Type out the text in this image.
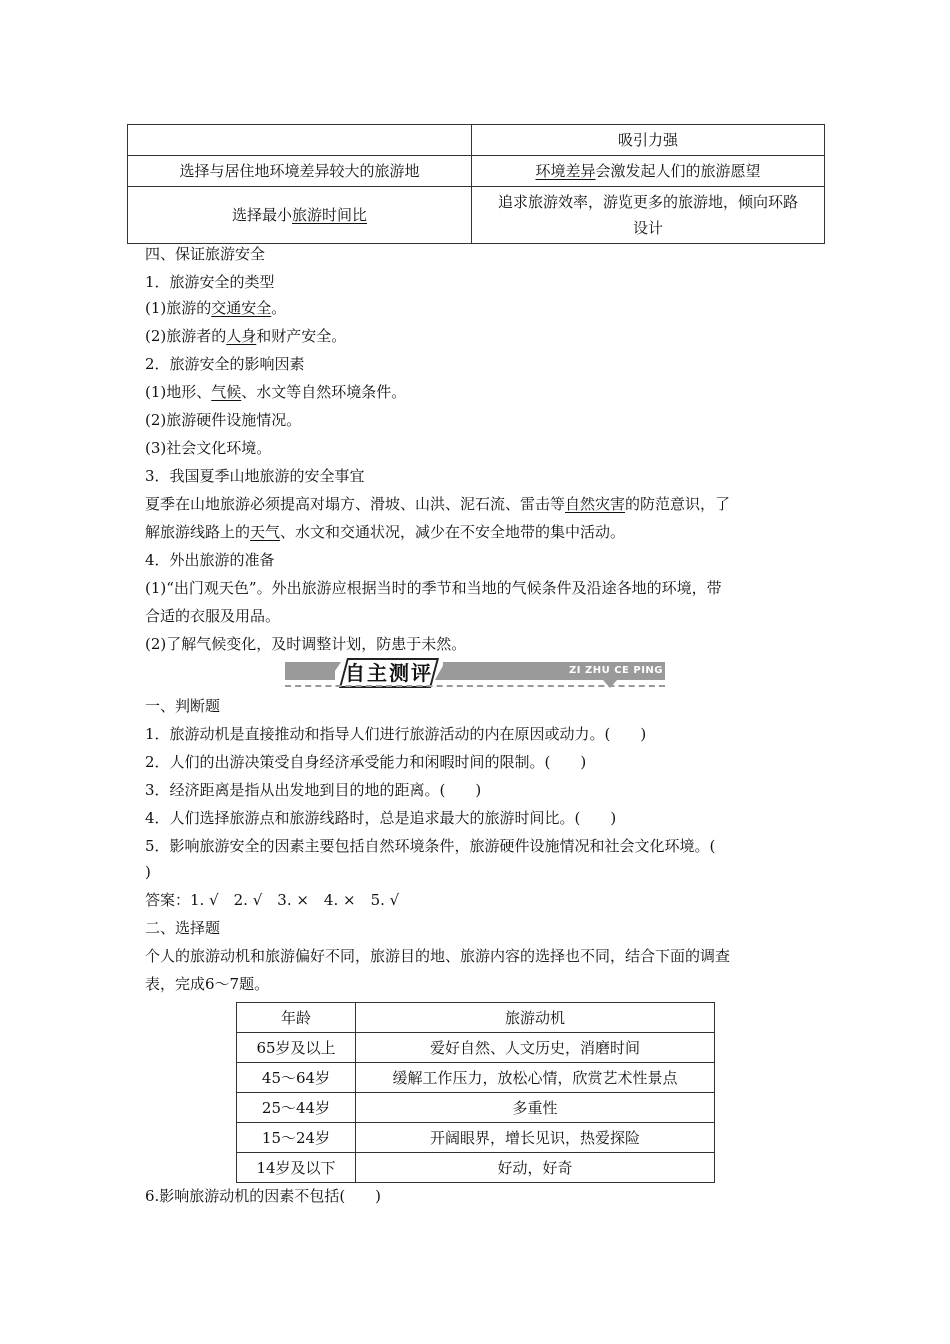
	吸引力强
选择与居住地环境差异较大的旅游地	环境差异会激发起人们的旅游愿望
选择最小旅游时间比	追求旅游效率，游览更多的旅游地，倾向环路
设计
四、保证旅游安全
1．旅游安全的类型
(1)旅游的交通安全。
(2)旅游者的人身和财产安全。
2．旅游安全的影响因素
(1)地形、气候、水文等自然环境条件。
(2)旅游硬件设施情况。
(3)社会文化环境。
3．我国夏季山地旅游的安全事宜
夏季在山地旅游必须提高对塌方、滑坡、山洪、泥石流、雷击等自然灾害的防范意识，了
解旅游线路上的天气、水文和交通状况，减少在不安全地带的集中活动。
4．外出旅游的准备
(1)“出门观天色”。外出旅游应根据当时的季节和当地的气候条件及沿途各地的环境，带
合适的衣服及用品。
(2)了解气候变化，及时调整计划，防患于未然。
自主测评	ZI ZHU CE PING
一、判断题
1．旅游动机是直接推动和指导人们进行旅游活动的内在原因或动力。(　　)
2．人们的出游决策受自身经济承受能力和闲暇时间的限制。(　　)
3．经济距离是指从出发地到目的地的距离。(　　)
4．人们选择旅游点和旅游线路时，总是追求最大的旅游时间比。(　　)
5．影响旅游安全的因素主要包括自然环境条件，旅游硬件设施情况和社会文化环境。(
)
答案：1. √　2. √　3. ×　4. ×　5. √
二、选择题
个人的旅游动机和旅游偏好不同，旅游目的地、旅游内容的选择也不同，结合下面的调查
表，完成6～7题。
年龄	旅游动机
65岁及以上	爱好自然、人文历史，消磨时间
45～64岁	缓解工作压力，放松心情，欣赏艺术性景点
25～44岁	多重性
15～24岁	开阔眼界，增长见识，热爱探险
14岁及以下	好动，好奇
6.影响旅游动机的因素不包括(　　)
